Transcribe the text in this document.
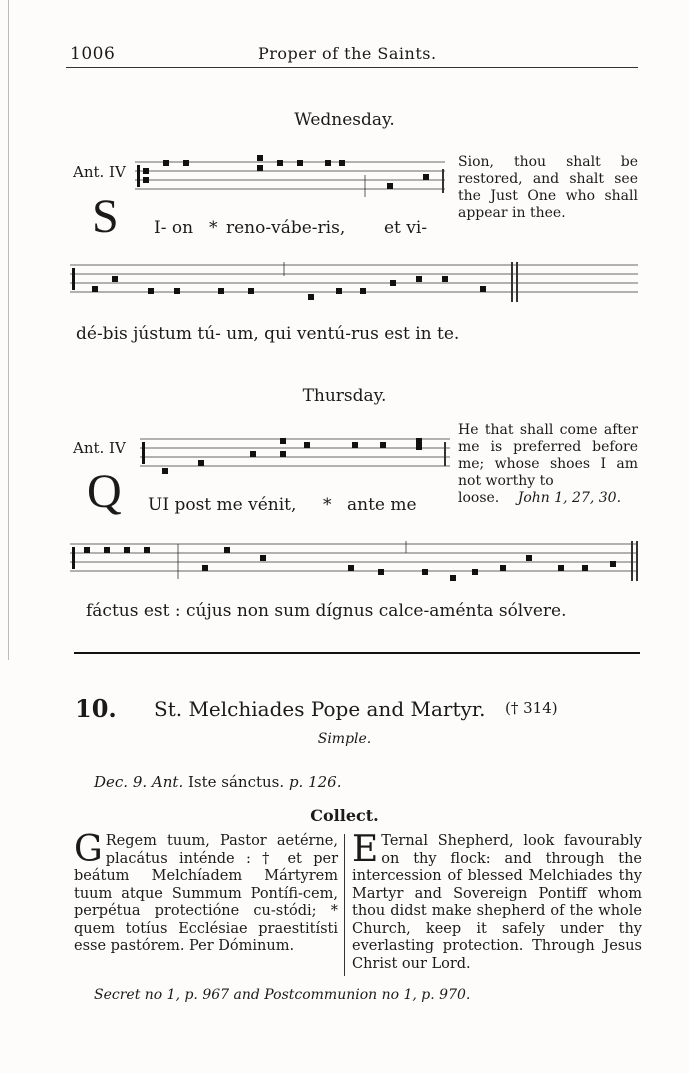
1006	Proper of the Saints.
Wednesday.
Ant. IV
S I- on * reno-vábe-ris, et vi-
Sion, thou shalt be restored, and shalt see the Just One who shall appear in thee.
dé-bis jústum tú- um, qui ventú-rus est in te.
Thursday.
Ant. IV
Q UI post me vénit, * ante me
He that shall come after me is preferred before me; whose shoes I am not worthy to
loose. John 1, 27, 30.
fáctus est : cújus non sum dígnus calce-aménta sólvere.
10. St. Melchiades Pope and Martyr. († 314)
Simple.
Dec. 9. Ant. Iste sánctus. p. 126.
Collect.
G Regem tuum, Pastor aetérne, placátus inténde : † et per beátum Melchíadem Mártyrem tuum atque Summum Pontífi-cem, perpétua protectióne cu-stódi; * quem totíus Ecclésiae praestitísti esse pastórem. Per Dóminum.
E Ternal Shepherd, look favourably on thy flock: and through the intercession of blessed Melchiades thy Martyr and Sovereign Pontiff whom thou didst make shepherd of the whole Church, keep it safely under thy everlasting protection. Through Jesus Christ our Lord.
Secret no 1, p. 967 and Postcommunion no 1, p. 970.
